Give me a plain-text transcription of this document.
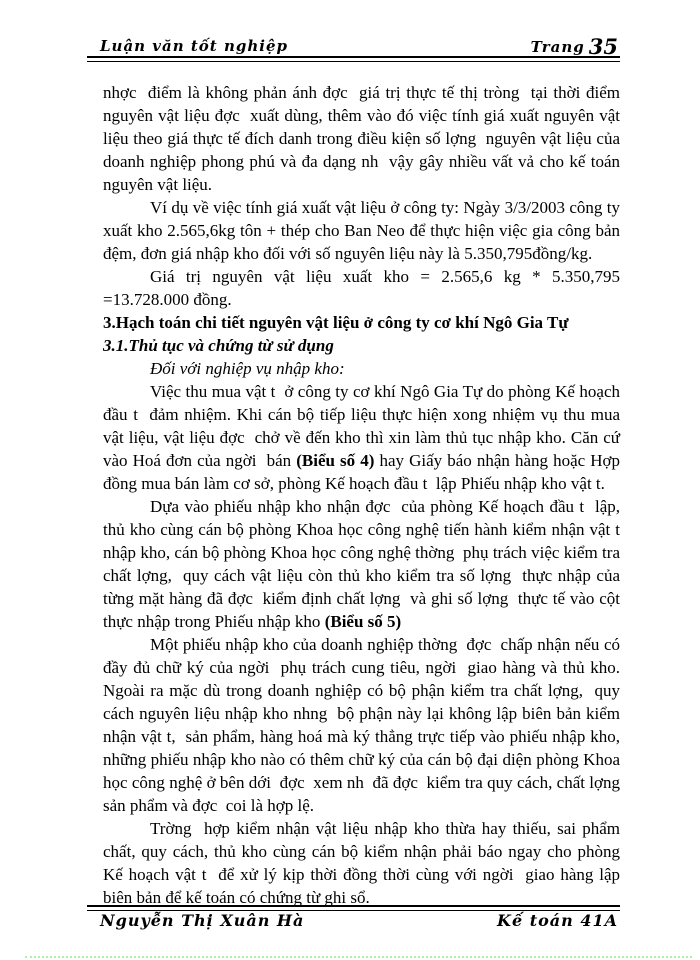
Luận văn tốt nghiệp	Trang 35

nhợc  điểm là không phản ánh đợc  giá trị thực tế thị tròng  tại thời điểm nguyên vật liệu đợc  xuất dùng, thêm vào đó việc tính giá xuất nguyên vật liệu theo giá thực tế đích danh trong điều kiện số lợng  nguyên vật liệu của doanh nghiệp phong phú và đa dạng nh  vậy gây nhiều vất vả cho kế toán nguyên vật liệu.

Ví dụ về việc tính giá xuất vật liệu ở công ty: Ngày 3/3/2003 công ty xuất kho 2.565,6kg tôn + thép cho Ban Neo để thực hiện việc gia công bản đệm, đơn giá nhập kho đối với số nguyên liệu này là 5.350,795đồng/kg.

Giá trị nguyên vật liệu xuất kho = 2.565,6 kg * 5.350,795 =13.728.000 đồng.

3.Hạch toán chi tiết nguyên vật liệu ở công ty cơ khí Ngô Gia Tự

3.1.Thủ tục và chứng từ sử dụng

Đối với nghiệp vụ nhập kho:

Việc thu mua vật t  ở công ty cơ khí Ngô Gia Tự do phòng Kế hoạch đầu t  đảm nhiệm. Khi cán bộ tiếp liệu thực hiện xong nhiệm vụ thu mua vật liệu, vật liệu đợc  chở về đến kho thì xin làm thủ tục nhập kho. Căn cứ vào Hoá đơn của ngời  bán (Biểu số 4) hay Giấy báo nhận hàng hoặc Hợp đồng mua bán làm cơ sở, phòng Kế hoạch đầu t  lập Phiếu nhập kho vật t.

Dựa vào phiếu nhập kho nhận đợc  của phòng Kế hoạch đầu t  lập, thủ kho cùng cán bộ phòng Khoa học công nghệ tiến hành kiểm nhận vật t  nhập kho, cán bộ phòng Khoa học công nghệ thờng  phụ trách việc kiểm tra chất lợng,  quy cách vật liệu còn thủ kho kiểm tra số lợng  thực nhập của từng mặt hàng đã đợc  kiểm định chất lợng  và ghi số lợng  thực tế vào cột thực nhập trong Phiếu nhập kho (Biểu số 5)

Một phiếu nhập kho của doanh nghiệp thờng  đợc  chấp nhận nếu có đầy đủ chữ ký của ngời  phụ trách cung tiêu, ngời  giao hàng và thủ kho. Ngoài ra mặc dù trong doanh nghiệp có bộ phận kiểm tra chất lợng,  quy cách nguyên liệu nhập kho nhng  bộ phận này lại không lập biên bản kiểm nhận vật t,  sản phẩm, hàng hoá mà ký thẳng trực tiếp vào phiếu nhập kho, những phiếu nhập kho nào có thêm chữ ký của cán bộ đại diện phòng Khoa học công nghệ ở bên dới  đợc  xem nh  đã đợc  kiểm tra quy cách, chất lợng  sản phẩm và đợc  coi là hợp lệ.

Trờng  hợp kiểm nhận vật liệu nhập kho thừa hay thiếu, sai phẩm chất, quy cách, thủ kho cùng cán bộ kiểm nhận phải báo ngay cho phòng Kế hoạch vật t  để xử lý kịp thời đồng thời cùng với ngời  giao hàng lập biên bản để kế toán có chứng từ ghi sổ.

Nguyễn Thị Xuân Hà	Kế toán 41A
